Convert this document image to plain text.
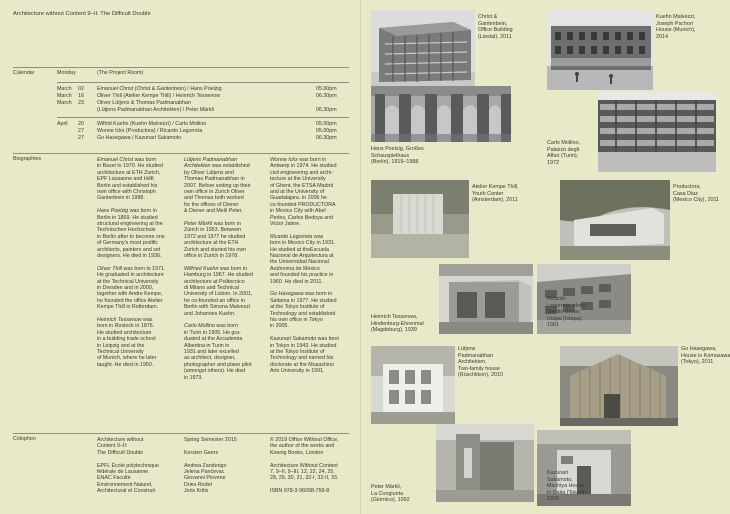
Architecture without Content 9–II: The Difficult Double
Calendar	Monday	(The Project Room)
March 02 Emanuel Christ (Christ & Gantenbein) / Hans Poelzig	05.00pm
March 16 Oliver Thill (Atelier Kempe Thill) / Heinrich Tessenow	06.30pm
March 23 Oliver Lütjens & Thomas Padmanabhan
(Lütjens Padmanabhan Architekten) / Peter Märkli	06.30pm
April 20 Wilfrid Kuehn (Kuehn Malvezzi) / Carlo Mollino	05.00pm
27 Wonne Ickx (Productora) / Ricardo Legorreta	05.00pm
27 Go Hasegawa / Kazunari Sakamoto	06.30pm
Biographies	Emanuel Christ was born
in Basel in 1970. He studied
architecture at ETH Zurich,
EPF Lausanne and HdK
Berlin and established his
own office with Christoph
Gantenbein in 1998.
Hans Poelzig was born in
Berlin in 1869. He studied
structural engineering at the
Technischen Hochschule
in Berlin after to become one
of Germany's most prolific
architects, painters and set
designers. He died in 1936.
Oliver Thill was born in 1971.
He graduated in architecture
at the Technical University
in Dresden and in 2000,
together with Andre Kempe,
he founded the office Atelier
Kempe Thill in Rotterdam.
Heinrich Tessenow was
born in Rostock in 1876.
He studied architecture
in a building trade school
in Leipzig and at the
Technical University
of Munich, where he later
taught. He died in 1950.
Lütjens Padmanabhan
Architekten was established
by Oliver Lütjens and
Thomas Padmanabhan in
2007. Before setting up their
own office in Zurich Oliver
and Thomas both worked
for the offices of Diener
& Diener and Meili Peter.
Peter Märkli was born in
Zürich in 1953. Between
1972 and 1977 he studied
architecture at the ETH
Zurich and started his own
office in Zurich in 1978.
Wilfried Kuehn was born in
Hamburg in 1967. He studied
architecture at Politecnico
di Milano and Technical
University of Lisbon. In 2001,
he co-founded an office in
Berlin with Simona Malvezzi
and Johannes Kuehn.
Carlo Mollino was born
in Turin in 1905. He gra-
duated at the Accademia
Albertina in Turin in
1931 and later excelled
as architect, designer,
photographer and plane pilot
(amongst others). He died
in 1973.
Wonne Ickx was born in
Antwerp in 1974. He studied
civil engineering and archi-
tecture at the University
of Ghent, the ETSA Madrid
and at the University of
Guadalajara. In 2006 he
co-founded PRODUCTORA
in Mexico City with Abel
Perles, Carlos Bedoya and
Victor Jaime.
Ricardo Legorreta was
born in Mexico City in 1931.
He studied at theEscuela
Nacional de Arquitectura at
the Universidad Nacional
Autónoma de México
and founded his practice in
1960. He died in 2011.
Go Hasegawa was born in
Saitama in 1977. He studied
at the Tokyo Institute of
Technology and established
his own office in Tokyo
in 2005.
Kazunari Sakamoto was born
in Tokyo in 1943. He studied
at the Tokyo Institute of
Technology and earned his
doctorate at the Musashino
Arts University in 1991.
Colophon	Architecture without
Content 9–II:
The Difficult Double
EPFL École polytechnique
fédérale de Lausanne
ENAC Faculté
Environnement Naturel,
Architectural et Construit
Spring Semester 2015
Kersten Geers
Andrea Zanderigo
Jelena Pančevac
Giovanni Piovene
Dries Rodet
Joris Kritis
© 2019 Office Without Office,
the author of the works and
Koenig Books, London
Architecture Without Content
7, 9–II, 9–III, 12, 22, 24, 25,
28, 29, 30, 31, 32-I, 32-II, 33.
ISBN 978-3-96098-759-8
Christ &
Gantenbein,
Office Building
(Liestal), 2011
Kuehn Malvezzi,
Joseph Pschorr
House (Munich),
2014
Hans Poelzig, Großes
Schauspielhaus
(Berlin), 1919–1988
Carlo Mollino,
Palazzo degli
Affari (Turin),
1972
Atelier Kempe Thill,
Youth Center
(Amsterdam), 2011
Productora,
Casa Diaz
(Mexico City), 2011
Heinrich Tessenow,
Hindenburg-Ehrenmal
(Magdeburg), 1939
Ricardo
Legorreta, Hotel
Westin Brisas
Ixtapa (Ixtapa),
1981
Lütjens
Padmanabhan
Architekten,
Two-family house
(Rüschlikon), 2010
Go Hasegawa,
House in Komazawa
(Tokyo), 2011
Peter Märkli,
La Congiunta
(Giornico), 1992
Kazunari
Sakamoto,
Machiya House
in Daita (Tokyo),
1976
